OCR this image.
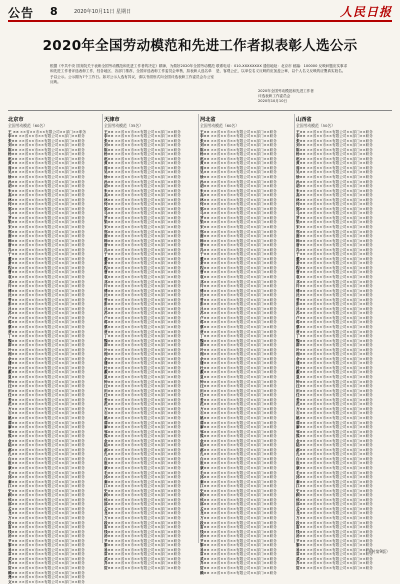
公告 8	2020年10月11日 星期日	人民日报
2020年全国劳动模范和先进工作者拟表彰人选公示
根据《中共中央 国务院关于表彰全国劳动模范和先进工作者的决定》精神，为做好2020年全国劳动模范和先进工作者评选表彰工作，经各地区、各部门推荐，全国评选表彰工作委员会审核，拟表彰人选名单予以公示。公示期为7个工作日。如对公示人选有异议，请以书面形式向全国评选表彰工作委员会办公室反映。
联系电话：010-XXXXXXXX 通信地址：北京市 邮编：100000 反映问题应实事求是、客观公正，以单位名义反映的应加盖公章，以个人名义反映的应署真实姓名。
2020年全国劳动模范和先进工作者
评选表彰工作委员会
2020年10月10日
北京市
全国劳动模范（60名）
王 ×× ××省××市××有限公司××部门××职务
李×× ××省××市××有限公司××部门××职务
张×× ××省××市××有限公司××部门××职务
刘×× ××省××市××有限公司××部门××职务
陈×× ××省××市××有限公司××部门××职务
杨×× ××省××市××有限公司××部门××职务
赵×× ××省××市××有限公司××部门××职务
黄×× ××省××市××有限公司××部门××职务
周×× ××省××市××有限公司××部门××职务
吴×× ××省××市××有限公司××部门××职务
徐×× ××省××市××有限公司××部门××职务
孙×× ××省××市××有限公司××部门××职务
胡×× ××省××市××有限公司××部门××职务
朱×× ××省××市××有限公司××部门××职务
高×× ××省××市××有限公司××部门××职务
林×× ××省××市××有限公司××部门××职务
何×× ××省××市××有限公司××部门××职务
郭×× ××省××市××有限公司××部门××职务
马×× ××省××市××有限公司××部门××职务
罗×× ××省××市××有限公司××部门××职务
梁×× ××省××市××有限公司××部门××职务
宋×× ××省××市××有限公司××部门××职务
郑×× ××省××市××有限公司××部门××职务
谢×× ××省××市××有限公司××部门××职务
韩×× ××省××市××有限公司××部门××职务
唐×× ××省××市××有限公司××部门××职务
冯×× ××省××市××有限公司××部门××职务
于×× ××省××市××有限公司××部门××职务
董×× ××省××市××有限公司××部门××职务
萧×× ××省××市××有限公司××部门××职务
程×× ××省××市××有限公司××部门××职务
曹×× ××省××市××有限公司××部门××职务
袁×× ××省××市××有限公司××部门××职务
邓×× ××省××市××有限公司××部门××职务
许×× ××省××市××有限公司××部门××职务
傅×× ××省××市××有限公司××部门××职务
沈×× ××省××市××有限公司××部门××职务
曾×× ××省××市××有限公司××部门××职务
彭×× ××省××市××有限公司××部门××职务
吕×× ××省××市××有限公司××部门××职务
苏×× ××省××市××有限公司××部门××职务
卢×× ××省××市××有限公司××部门××职务
蒋×× ××省××市××有限公司××部门××职务
蔡×× ××省××市××有限公司××部门××职务
贾×× ××省××市××有限公司××部门××职务
丁×× ××省××市××有限公司××部门××职务
魏×× ××省××市××有限公司××部门××职务
薛×× ××省××市××有限公司××部门××职务
叶×× ××省××市××有限公司××部门××职务
阎×× ××省××市××有限公司××部门××职务
余×× ××省××市××有限公司××部门××职务
潘×× ××省××市××有限公司××部门××职务
杜×× ××省××市××有限公司××部门××职务
戴×× ××省××市××有限公司××部门××职务
夏×× ××省××市××有限公司××部门××职务
钟×× ××省××市××有限公司××部门××职务
汪×× ××省××市××有限公司××部门××职务
田×× ××省××市××有限公司××部门××职务
任×× ××省××市××有限公司××部门××职务
姜×× ××省××市××有限公司××部门××职务
范×× ××省××市××有限公司××部门××职务
方×× ××省××市××有限公司××部门××职务
石×× ××省××市××有限公司××部门××职务
姚×× ××省××市××有限公司××部门××职务
谭×× ××省××市××有限公司××部门××职务
廖×× ××省××市××有限公司××部门××职务
邹×× ××省××市××有限公司××部门××职务
熊×× ××省××市××有限公司××部门××职务
金×× ××省××市××有限公司××部门××职务
陆×× ××省××市××有限公司××部门××职务
郝×× ××省××市××有限公司××部门××职务
孔×× ××省××市××有限公司××部门××职务
白×× ××省××市××有限公司××部门××职务
崔×× ××省××市××有限公司××部门××职务
康×× ××省××市××有限公司××部门××职务
毛×× ××省××市××有限公司××部门××职务
邱×× ××省××市××有限公司××部门××职务
秦×× ××省××市××有限公司××部门××职务
江×× ××省××市××有限公司××部门××职务
史×× ××省××市××有限公司××部门××职务
顾×× ××省××市××有限公司××部门××职务
侯×× ××省××市××有限公司××部门××职务
邵×× ××省××市××有限公司××部门××职务
孟×× ××省××市××有限公司××部门××职务
龙×× ××省××市××有限公司××部门××职务
万×× ××省××市××有限公司××部门××职务
段×× ××省××市××有限公司××部门××职务
雷×× ××省××市××有限公司××部门××职务
钱×× ××省××市××有限公司××部门××职务
汤×× ××省××市××有限公司××部门××职务
尹×× ××省××市××有限公司××部门××职务
黎×× ××省××市××有限公司××部门××职务
易×× ××省××市××有限公司××部门××职务
常×× ××省××市××有限公司××部门××职务
武×× ××省××市××有限公司××部门××职务
乔×× ××省××市××有限公司××部门××职务
贺×× ××省××市××有限公司××部门××职务
赖×× ××省××市××有限公司××部门××职务
龚×× ××省××市××有限公司××部门××职务
文×× ××省××市××有限公司××部门××职务
天津市
全国劳动模范（35名）
王×× ××省××市××有限公司××部门××职务
李×× ××省××市××有限公司××部门××职务
张×× ××省××市××有限公司××部门××职务
刘×× ××省××市××有限公司××部门××职务
陈×× ××省××市××有限公司××部门××职务
杨×× ××省××市××有限公司××部门××职务
赵×× ××省××市××有限公司××部门××职务
黄×× ××省××市××有限公司××部门××职务
周×× ××省××市××有限公司××部门××职务
吴×× ××省××市××有限公司××部门××职务
徐×× ××省××市××有限公司××部门××职务
孙×× ××省××市××有限公司××部门××职务
胡×× ××省××市××有限公司××部门××职务
朱×× ××省××市××有限公司××部门××职务
高×× ××省××市××有限公司××部门××职务
林×× ××省××市××有限公司××部门××职务
何×× ××省××市××有限公司××部门××职务
郭×× ××省××市××有限公司××部门××职务
马×× ××省××市××有限公司××部门××职务
罗×× ××省××市××有限公司××部门××职务
梁×× ××省××市××有限公司××部门××职务
宋×× ××省××市××有限公司××部门××职务
郑×× ××省××市××有限公司××部门××职务
谢×× ××省××市××有限公司××部门××职务
韩×× ××省××市××有限公司××部门××职务
唐×× ××省××市××有限公司××部门××职务
冯×× ××省××市××有限公司××部门××职务
于×× ××省××市××有限公司××部门××职务
董×× ××省××市××有限公司××部门××职务
萧×× ××省××市××有限公司××部门××职务
程×× ××省××市××有限公司××部门××职务
曹×× ××省××市××有限公司××部门××职务
袁×× ××省××市××有限公司××部门××职务
邓×× ××省××市××有限公司××部门××职务
许×× ××省××市××有限公司××部门××职务
傅×× ××省××市××有限公司××部门××职务
沈×× ××省××市××有限公司××部门××职务
曾×× ××省××市××有限公司××部门××职务
彭×× ××省××市××有限公司××部门××职务
吕×× ××省××市××有限公司××部门××职务
苏×× ××省××市××有限公司××部门××职务
卢×× ××省××市××有限公司××部门××职务
蒋×× ××省××市××有限公司××部门××职务
蔡×× ××省××市××有限公司××部门××职务
贾×× ××省××市××有限公司××部门××职务
丁×× ××省××市××有限公司××部门××职务
魏×× ××省××市××有限公司××部门××职务
薛×× ××省××市××有限公司××部门××职务
叶×× ××省××市××有限公司××部门××职务
阎×× ××省××市××有限公司××部门××职务
余×× ××省××市××有限公司××部门××职务
潘×× ××省××市××有限公司××部门××职务
杜×× ××省××市××有限公司××部门××职务
戴×× ××省××市××有限公司××部门××职务
夏×× ××省××市××有限公司××部门××职务
钟×× ××省××市××有限公司××部门××职务
汪×× ××省××市××有限公司××部门××职务
田×× ××省××市××有限公司××部门××职务
任×× ××省××市××有限公司××部门××职务
姜×× ××省××市××有限公司××部门××职务
范×× ××省××市××有限公司××部门××职务
方×× ××省××市××有限公司××部门××职务
石×× ××省××市××有限公司××部门××职务
姚×× ××省××市××有限公司××部门××职务
谭×× ××省××市××有限公司××部门××职务
廖×× ××省××市××有限公司××部门××职务
邹×× ××省××市××有限公司××部门××职务
熊×× ××省××市××有限公司××部门××职务
金×× ××省××市××有限公司××部门××职务
陆×× ××省××市××有限公司××部门××职务
郝×× ××省××市××有限公司××部门××职务
孔×× ××省××市××有限公司××部门××职务
白×× ××省××市××有限公司××部门××职务
崔×× ××省××市××有限公司××部门××职务
康×× ××省××市××有限公司××部门××职务
毛×× ××省××市××有限公司××部门××职务
邱×× ××省××市××有限公司××部门××职务
秦×× ××省××市××有限公司××部门××职务
江×× ××省××市××有限公司××部门××职务
史×× ××省××市××有限公司××部门××职务
顾×× ××省××市××有限公司××部门××职务
侯×× ××省××市××有限公司××部门××职务
邵×× ××省××市××有限公司××部门××职务
孟×× ××省××市××有限公司××部门××职务
龙×× ××省××市××有限公司××部门××职务
万×× ××省××市××有限公司××部门××职务
段×× ××省××市××有限公司××部门××职务
雷×× ××省××市××有限公司××部门××职务
钱×× ××省××市××有限公司××部门××职务
汤×× ××省××市××有限公司××部门××职务
尹×× ××省××市××有限公司××部门××职务
黎×× ××省××市××有限公司××部门××职务
易×× ××省××市××有限公司××部门××职务
常×× ××省××市××有限公司××部门××职务
武×× ××省××市××有限公司××部门××职务
乔×× ××省××市××有限公司××部门××职务
贺×× ××省××市××有限公司××部门××职务
河北省
全国劳动模范（60名）
王×× ××省××市××有限公司××部门××职务
李×× ××省××市××有限公司××部门××职务
张×× ××省××市××有限公司××部门××职务
刘×× ××省××市××有限公司××部门××职务
陈×× ××省××市××有限公司××部门××职务
杨×× ××省××市××有限公司××部门××职务
赵×× ××省××市××有限公司××部门××职务
黄×× ××省××市××有限公司××部门××职务
周×× ××省××市××有限公司××部门××职务
吴×× ××省××市××有限公司××部门××职务
徐×× ××省××市××有限公司××部门××职务
孙×× ××省××市××有限公司××部门××职务
胡×× ××省××市××有限公司××部门××职务
朱×× ××省××市××有限公司××部门××职务
高×× ××省××市××有限公司××部门××职务
林×× ××省××市××有限公司××部门××职务
何×× ××省××市××有限公司××部门××职务
郭×× ××省××市××有限公司××部门××职务
马×× ××省××市××有限公司××部门××职务
罗×× ××省××市××有限公司××部门××职务
梁×× ××省××市××有限公司××部门××职务
宋×× ××省××市××有限公司××部门××职务
郑×× ××省××市××有限公司××部门××职务
谢×× ××省××市××有限公司××部门××职务
韩×× ××省××市××有限公司××部门××职务
唐×× ××省××市××有限公司××部门××职务
冯×× ××省××市××有限公司××部门××职务
于×× ××省××市××有限公司××部门××职务
董×× ××省××市××有限公司××部门××职务
萧×× ××省××市××有限公司××部门××职务
程×× ××省××市××有限公司××部门××职务
曹×× ××省××市××有限公司××部门××职务
袁×× ××省××市××有限公司××部门××职务
邓×× ××省××市××有限公司××部门××职务
许×× ××省××市××有限公司××部门××职务
傅×× ××省××市××有限公司××部门××职务
沈×× ××省××市××有限公司××部门××职务
曾×× ××省××市××有限公司××部门××职务
彭×× ××省××市××有限公司××部门××职务
吕×× ××省××市××有限公司××部门××职务
苏×× ××省××市××有限公司××部门××职务
卢×× ××省××市××有限公司××部门××职务
蒋×× ××省××市××有限公司××部门××职务
蔡×× ××省××市××有限公司××部门××职务
贾×× ××省××市××有限公司××部门××职务
丁×× ××省××市××有限公司××部门××职务
魏×× ××省××市××有限公司××部门××职务
薛×× ××省××市××有限公司××部门××职务
叶×× ××省××市××有限公司××部门××职务
阎×× ××省××市××有限公司××部门××职务
余×× ××省××市××有限公司××部门××职务
潘×× ××省××市××有限公司××部门××职务
杜×× ××省××市××有限公司××部门××职务
戴×× ××省××市××有限公司××部门××职务
夏×× ××省××市××有限公司××部门××职务
钟×× ××省××市××有限公司××部门××职务
汪×× ××省××市××有限公司××部门××职务
田×× ××省××市××有限公司××部门××职务
任×× ××省××市××有限公司××部门××职务
姜×× ××省××市××有限公司××部门××职务
范×× ××省××市××有限公司××部门××职务
方×× ××省××市××有限公司××部门××职务
石×× ××省××市××有限公司××部门××职务
姚×× ××省××市××有限公司××部门××职务
谭×× ××省××市××有限公司××部门××职务
廖×× ××省××市××有限公司××部门××职务
邹×× ××省××市××有限公司××部门××职务
熊×× ××省××市××有限公司××部门××职务
金×× ××省××市××有限公司××部门××职务
陆×× ××省××市××有限公司××部门××职务
郝×× ××省××市××有限公司××部门××职务
孔×× ××省××市××有限公司××部门××职务
白×× ××省××市××有限公司××部门××职务
崔×× ××省××市××有限公司××部门××职务
康×× ××省××市××有限公司××部门××职务
毛×× ××省××市××有限公司××部门××职务
邱×× ××省××市××有限公司××部门××职务
秦×× ××省××市××有限公司××部门××职务
江×× ××省××市××有限公司××部门××职务
史×× ××省××市××有限公司××部门××职务
顾×× ××省××市××有限公司××部门××职务
侯×× ××省××市××有限公司××部门××职务
邵×× ××省××市××有限公司××部门××职务
孟×× ××省××市××有限公司××部门××职务
龙×× ××省××市××有限公司××部门××职务
万×× ××省××市××有限公司××部门××职务
段×× ××省××市××有限公司××部门××职务
雷×× ××省××市××有限公司××部门××职务
钱×× ××省××市××有限公司××部门××职务
汤×× ××省××市××有限公司××部门××职务
尹×× ××省××市××有限公司××部门××职务
黎×× ××省××市××有限公司××部门××职务
易×× ××省××市××有限公司××部门××职务
常×× ××省××市××有限公司××部门××职务
武×× ××省××市××有限公司××部门××职务
乔×× ××省××市××有限公司××部门××职务
贺×× ××省××市××有限公司××部门××职务
赖×× ××省××市××有限公司××部门××职务
山西省
全国劳动模范（50名）
王×× ××省××市××有限公司××部门××职务
李×× ××省××市××有限公司××部门××职务
张×× ××省××市××有限公司××部门××职务
刘×× ××省××市××有限公司××部门××职务
陈×× ××省××市××有限公司××部门××职务
杨×× ××省××市××有限公司××部门××职务
赵×× ××省××市××有限公司××部门××职务
黄×× ××省××市××有限公司××部门××职务
周×× ××省××市××有限公司××部门××职务
吴×× ××省××市××有限公司××部门××职务
徐×× ××省××市××有限公司××部门××职务
孙×× ××省××市××有限公司××部门××职务
胡×× ××省××市××有限公司××部门××职务
朱×× ××省××市××有限公司××部门××职务
高×× ××省××市××有限公司××部门××职务
林×× ××省××市××有限公司××部门××职务
何×× ××省××市××有限公司××部门××职务
郭×× ××省××市××有限公司××部门××职务
马×× ××省××市××有限公司××部门××职务
罗×× ××省××市××有限公司××部门××职务
梁×× ××省××市××有限公司××部门××职务
宋×× ××省××市××有限公司××部门××职务
郑×× ××省××市××有限公司××部门××职务
谢×× ××省××市××有限公司××部门××职务
韩×× ××省××市××有限公司××部门××职务
唐×× ××省××市××有限公司××部门××职务
冯×× ××省××市××有限公司××部门××职务
于×× ××省××市××有限公司××部门××职务
董×× ××省××市××有限公司××部门××职务
萧×× ××省××市××有限公司××部门××职务
程×× ××省××市××有限公司××部门××职务
曹×× ××省××市××有限公司××部门××职务
袁×× ××省××市××有限公司××部门××职务
邓×× ××省××市××有限公司××部门××职务
许×× ××省××市××有限公司××部门××职务
傅×× ××省××市××有限公司××部门××职务
沈×× ××省××市××有限公司××部门××职务
曾×× ××省××市××有限公司××部门××职务
彭×× ××省××市××有限公司××部门××职务
吕×× ××省××市××有限公司××部门××职务
苏×× ××省××市××有限公司××部门××职务
卢×× ××省××市××有限公司××部门××职务
蒋×× ××省××市××有限公司××部门××职务
蔡×× ××省××市××有限公司××部门××职务
贾×× ××省××市××有限公司××部门××职务
丁×× ××省××市××有限公司××部门××职务
魏×× ××省××市××有限公司××部门××职务
薛×× ××省××市××有限公司××部门××职务
叶×× ××省××市××有限公司××部门××职务
阎×× ××省××市××有限公司××部门××职务
余×× ××省××市××有限公司××部门××职务
潘×× ××省××市××有限公司××部门××职务
杜×× ××省××市××有限公司××部门××职务
戴×× ××省××市××有限公司××部门××职务
夏×× ××省××市××有限公司××部门××职务
钟×× ××省××市××有限公司××部门××职务
汪×× ××省××市××有限公司××部门××职务
田×× ××省××市××有限公司××部门××职务
任×× ××省××市××有限公司××部门××职务
姜×× ××省××市××有限公司××部门××职务
范×× ××省××市××有限公司××部门××职务
方×× ××省××市××有限公司××部门××职务
石×× ××省××市××有限公司××部门××职务
姚×× ××省××市××有限公司××部门××职务
谭×× ××省××市××有限公司××部门××职务
廖×× ××省××市××有限公司××部门××职务
邹×× ××省××市××有限公司××部门××职务
熊×× ××省××市××有限公司××部门××职务
金×× ××省××市××有限公司××部门××职务
陆×× ××省××市××有限公司××部门××职务
郝×× ××省××市××有限公司××部门××职务
孔×× ××省××市××有限公司××部门××职务
白×× ××省××市××有限公司××部门××职务
崔×× ××省××市××有限公司××部门××职务
康×× ××省××市××有限公司××部门××职务
毛×× ××省××市××有限公司××部门××职务
邱×× ××省××市××有限公司××部门××职务
秦×× ××省××市××有限公司××部门××职务
江×× ××省××市××有限公司××部门××职务
史×× ××省××市××有限公司××部门××职务
顾×× ××省××市××有限公司××部门××职务
侯×× ××省××市××有限公司××部门××职务
邵×× ××省××市××有限公司××部门××职务
孟×× ××省××市××有限公司××部门××职务
龙×× ××省××市××有限公司××部门××职务
万×× ××省××市××有限公司××部门××职务
段×× ××省××市××有限公司××部门××职务
雷×× ××省××市××有限公司××部门××职务
钱×× ××省××市××有限公司××部门××职务
汤×× ××省××市××有限公司××部门××职务
尹×× ××省××市××有限公司××部门××职务
黎×× ××省××市××有限公司××部门××职务
易×× ××省××市××有限公司××部门××职务
常×× ××省××市××有限公司××部门××职务
武×× ××省××市××有限公司××部门××职务
乔×× ××省××市××有限公司××部门××职务
贺×× ××省××市××有限公司××部门××职务
（下转第9版）
